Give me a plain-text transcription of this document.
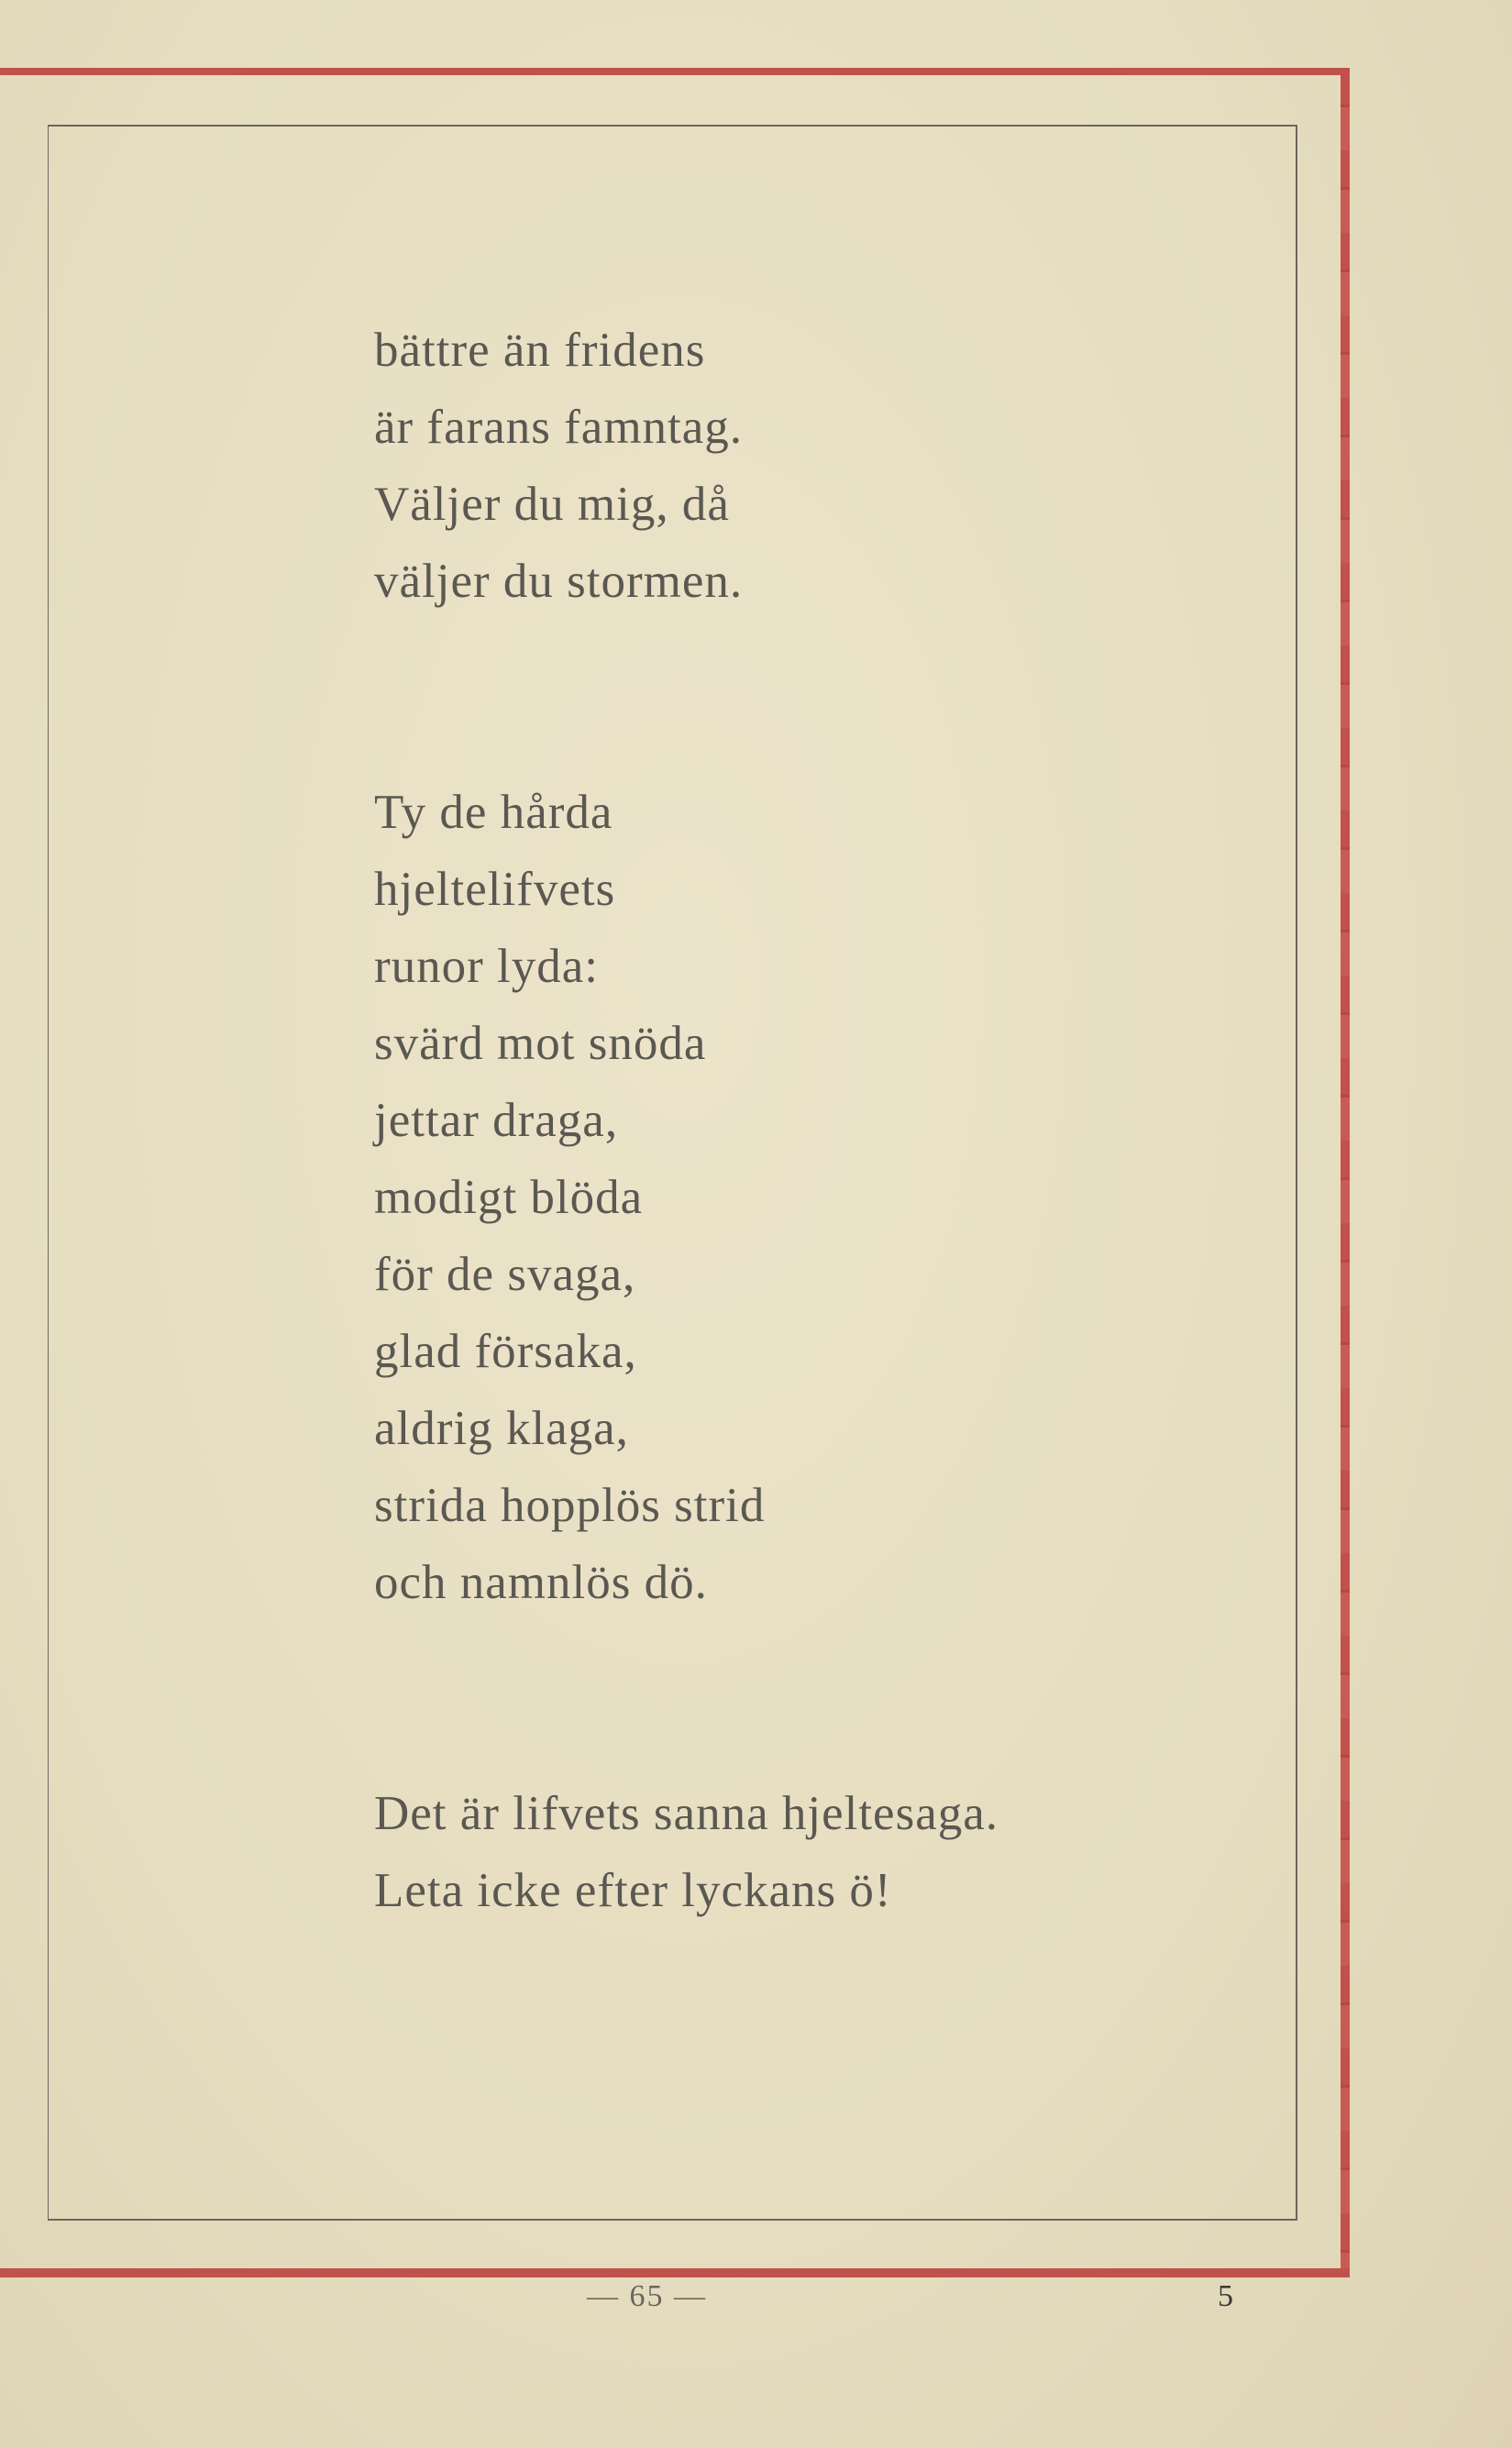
bättre än fridens
är farans famntag.
Väljer du mig, då
väljer du stormen.
Ty de hårda
hjeltelifvets
runor lyda:
svärd mot snöda
jettar draga,
modigt blöda
för de svaga,
glad försaka,
aldrig klaga,
strida hopplös strid
och namnlös dö.
Det är lifvets sanna hjeltesaga.
Leta icke efter lyckans ö!
— 65 —	5
